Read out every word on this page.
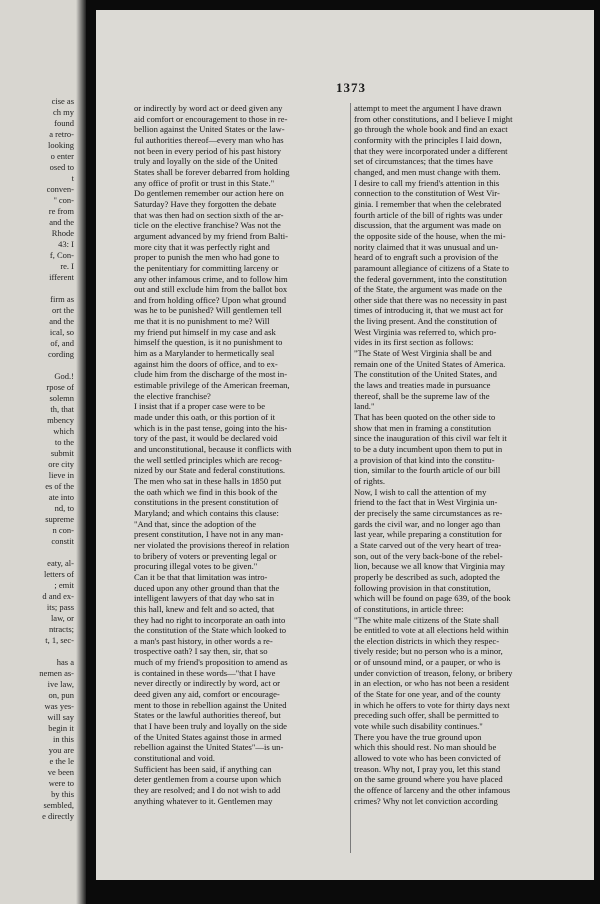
cise as
ch my
found
a retro-
looking
o enter
osed to
t
conven-
'' con-
re from
and the
Rhode
43: I
f, Con-
re. I
ifferent
firm as
ort the
and the
ical, so
of, and
cording
God.!
rpose of
solemn
th, that
mbency
which
to the
submit
ore city
lieve in
es of the
ate into
nd, to
supreme
n con-
constit
eaty, al-
letters of
; emit
d and ex-
its; pass
law, or
ntracts;
t, 1, sec-
has a
nemen as-
ive law,
on, pun
was yes-
will say
begin it
in this
you are
e the le
ve been
were to
by this
sembled,
e directly
1373
or indirectly by word act or deed given any
aid comfort or encouragement to those in re-
bellion against the United States or the law-
ful authorities thereof—every man who has
not been in every period of his past history
truly and loyally on the side of the United
States shall be forever debarred from holding
any office of profit or trust in this State."
Do gentlemen remember our action here on
Saturday? Have they forgotten the debate
that was then had on section sixth of the ar-
ticle on the elective franchise? Was not the
argument advanced by my friend from Balti-
more city that it was perfectly right and
proper to punish the men who had gone to
the penitentiary for committing larceny or
any other infamous crime, and to follow him
out and still exclude him from the ballot box
and from holding office? Upon what ground
was he to be punished? Will gentlemen tell
me that it is no punishment to me? Will
my friend put himself in my case and ask
himself the question, is it no punishment to
him as a Marylander to hermetically seal
against him the doors of office, and to ex-
clude him from the discharge of the most in-
estimable privilege of the American freeman,
the elective franchise?
I insist that if a proper case were to be
made under this oath, or this portion of it
which is in the past tense, going into the his-
tory of the past, it would be declared void
and unconstitutional, because it conflicts with
the well settled principles which are recog-
nized by our State and federal constitutions.
The men who sat in these halls in 1850 put
the oath which we find in this book of the
constitutions in the present constitution of
Maryland; and which contains this clause:
"And that, since the adoption of the
present constitution, I have not in any man-
ner violated the provisions thereof in relation
to bribery of voters or preventing legal or
procuring illegal votes to be given."
Can it be that that limitation was intro-
duced upon any other ground than that the
intelligent lawyers of that day who sat in
this hall, knew and felt and so acted, that
they had no right to incorporate an oath into
the constitution of the State which looked to
a man's past history, in other words a re-
trospective oath? I say then, sir, that so
much of my friend's proposition to amend as
is contained in these words—"that I have
never directly or indirectly by word, act or
deed given any aid, comfort or encourage-
ment to those in rebellion against the United
States or the lawful authorities thereof, but
that I have been truly and loyally on the side
of the United States against those in armed
rebellion against the United States"—is un-
constitutional and void.
Sufficient has been said, if anything can
deter gentlemen from a course upon which
they are resolved; and I do not wish to add
anything whatever to it. Gentlemen may
attempt to meet the argument I have drawn
from other constitutions, and I believe I might
go through the whole book and find an exact
conformity with the principles I laid down,
that they were incorporated under a different
set of circumstances; that the times have
changed, and men must change with them.
I desire to call my friend's attention in this
connection to the constitution of West Vir-
ginia. I remember that when the celebrated
fourth article of the bill of rights was under
discussion, that the argument was made on
the opposite side of the house, when the mi-
nority claimed that it was unusual and un-
heard of to engraft such a provision of the
paramount allegiance of citizens of a State to
the federal government, into the constitution
of the State, the argument was made on the
other side that there was no necessity in past
times of introducing it, that we must act for
the living present. And the constitution of
West Virginia was referred to, which pro-
vides in its first section as follows:
"The State of West Virginia shall be and
remain one of the United States of America.
The constitution of the United States, and
the laws and treaties made in pursuance
thereof, shall be the supreme law of the
land."
That has been quoted on the other side to
show that men in framing a constitution
since the inauguration of this civil war felt it
to be a duty incumbent upon them to put in
a provision of that kind into the constitu-
tion, similar to the fourth article of our bill
of rights.
Now, I wish to call the attention of my
friend to the fact that in West Virginia un-
der precisely the same circumstances as re-
gards the civil war, and no longer ago than
last year, while preparing a constitution for
a State carved out of the very heart of trea-
son, out of the very back-bone of the rebel-
lion, because we all know that Virginia may
properly be described as such, adopted the
following provision in that constitution,
which will be found on page 639, of the book
of constitutions, in article three:
"The white male citizens of the State shall
be entitled to vote at all elections held within
the election districts in which they respec-
tively reside; but no person who is a minor,
or of unsound mind, or a pauper, or who is
under conviction of treason, felony, or bribery
in an election, or who has not been a resident
of the State for one year, and of the county
in which he offers to vote for thirty days next
preceding such offer, shall be permitted to
vote while such disability continues."
There you have the true ground upon
which this should rest. No man should be
allowed to vote who has been convicted of
treason. Why not, I pray you, let this stand
on the same ground where you have placed
the offence of larceny and the other infamous
crimes? Why not let conviction according
